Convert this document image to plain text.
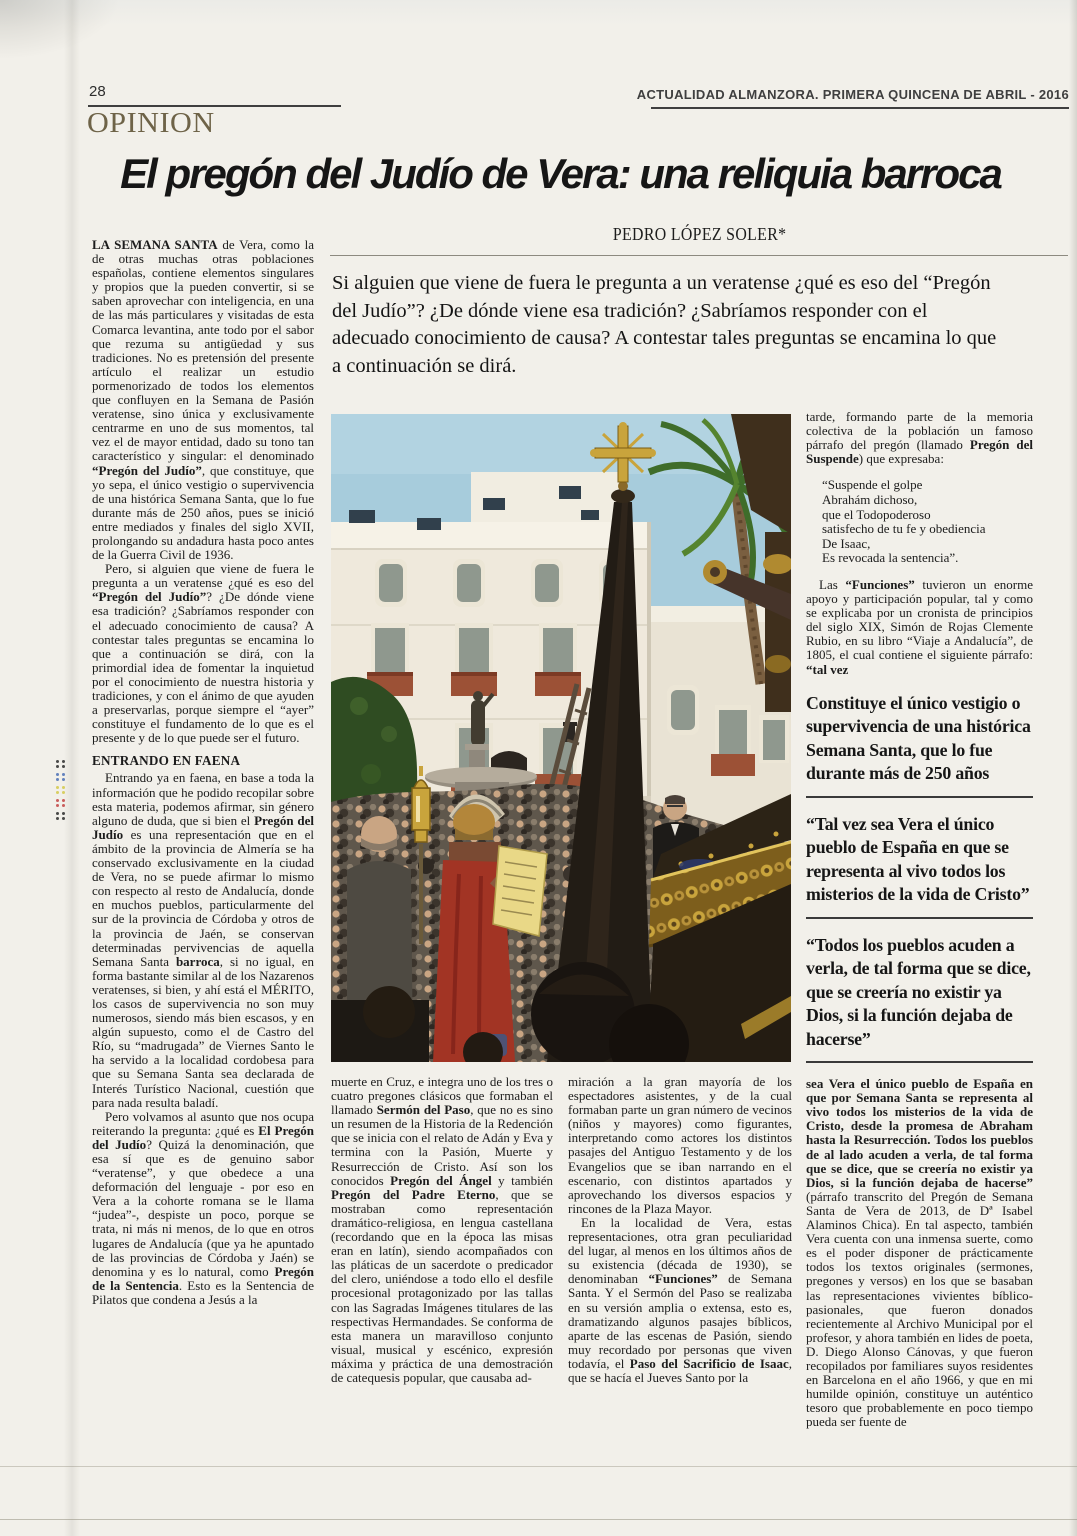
28	ACTUALIDAD ALMANZORA. PRIMERA QUINCENA DE ABRIL - 2016
OPINION
El pregón del Judío de Vera: una reliquia barroca
PEDRO LÓPEZ SOLER*

Si alguien que viene de fuera le pregunta a un veratense ¿qué es eso del “Pregón del Judío”? ¿De dónde viene esa tradición? ¿Sabríamos responder con el adecuado conocimiento de causa? A contestar tales preguntas se encamina lo que a continuación se dirá.

LA SEMANA SANTA de Vera, como la de otras muchas otras poblaciones españolas, contiene elementos singulares y propios que la pueden convertir, si se saben aprovechar con inteligencia, en una de las más particulares y visitadas de esta Comarca levantina, ante todo por el sabor que rezuma su antigüedad y sus tradiciones. No es pretensión del presente artículo el realizar un estudio pormenorizado de todos los elementos que confluyen en la Semana de Pasión veratense, sino única y exclusivamente centrarme en uno de sus momentos, tal vez el de mayor entidad, dado su tono tan característico y singular: el denominado “Pregón del Judío”, que constituye, que yo sepa, el único vestigio o supervivencia de una histórica Semana Santa, que lo fue durante más de 250 años, pues se inició entre mediados y finales del siglo XVII, prolongando su andadura hasta poco antes de la Guerra Civil de 1936.

Pero, si alguien que viene de fuera le pregunta a un veratense ¿qué es eso del “Pregón del Judío”? ¿De dónde viene esa tradición? ¿Sabríamos responder con el adecuado conocimiento de causa? A contestar tales preguntas se encamina lo que a continuación se dirá, con la primordial idea de fomentar la inquietud por el conocimiento de nuestra historia y tradiciones, y con el ánimo de que ayuden a preservarlas, porque siempre el “ayer” constituye el fundamento de lo que es el presente y de lo que puede ser el futuro.

ENTRANDO EN FAENA

Entrando ya en faena, en base a toda la información que he podido recopilar sobre esta materia, podemos afirmar, sin género alguno de duda, que si bien el Pregón del Judío es una representación que en el ámbito de la provincia de Almería se ha conservado exclusivamente en la ciudad de Vera, no se puede afirmar lo mismo con respecto al resto de Andalucía, donde en muchos pueblos, particularmente del sur de la provincia de Córdoba y otros de la provincia de Jaén, se conservan determinadas pervivencias de aquella Semana Santa barroca, si no igual, en forma bastante similar al de los Nazarenos veratenses, si bien, y ahí está el MÉRITO, los casos de supervivencia no son muy numerosos, siendo más bien escasos, y en algún supuesto, como el de Castro del Río, su “madrugada” de Viernes Santo le ha servido a la localidad cordobesa para que su Semana Santa sea declarada de Interés Turístico Nacional, cuestión que para nada resulta baladí.

Pero volvamos al asunto que nos ocupa reiterando la pregunta: ¿qué es El Pregón del Judío? Quizá la denominación, que esa sí que es de genuino sabor “veratense”, y que obedece a una deformación del lenguaje - por eso en Vera a la cohorte romana se le llama “judea”-, despiste un poco, porque se trata, ni más ni menos, de lo que en otros lugares de Andalucía (que ya he apuntado de las provincias de Córdoba y Jaén) se denomina y es lo natural, como Pregón de la Sentencia. Esto es la Sentencia de Pilatos que condena a Jesús a la

muerte en Cruz, e integra uno de los tres o cuatro pregones clásicos que formaban el llamado Sermón del Paso, que no es sino un resumen de la Historia de la Redención que se inicia con el relato de Adán y Eva y termina con la Pasión, Muerte y Resurrección de Cristo. Así son los conocidos Pregón del Ángel y también Pregón del Padre Eterno, que se mostraban como representación dramático-religiosa, en lengua castellana (recordando que en la época las misas eran en latín), siendo acompañados con las pláticas de un sacerdote o predicador del clero, uniéndose a todo ello el desfile procesional protagonizado por las tallas con las Sagradas Imágenes titulares de las respectivas Hermandades. Se conforma de esta manera un maravilloso conjunto visual, musical y escénico, expresión máxima y práctica de una demostración de catequesis popular, que causaba ad-

miración a la gran mayoría de los espectadores asistentes, y de la cual formaban parte un gran número de vecinos (niños y mayores) como figurantes, interpretando como actores los distintos pasajes del Antiguo Testamento y de los Evangelios que se iban narrando en el escenario, con distintos apartados y aprovechando los diversos espacios y rincones de la Plaza Mayor.

En la localidad de Vera, estas representaciones, otra gran peculiaridad del lugar, al menos en los últimos años de su existencia (década de 1930), se denominaban “Funciones” de Semana Santa. Y el Sermón del Paso se realizaba en su versión amplia o extensa, esto es, dramatizando algunos pasajes bíblicos, aparte de las escenas de Pasión, siendo muy recordado por personas que viven todavía, el Paso del Sacrificio de Isaac, que se hacía el Jueves Santo por la

tarde, formando parte de la memoria colectiva de la población un famoso párrafo del pregón (llamado Pregón del Suspende) que expresaba:

“Suspende el golpe
Abrahám dichoso,
que el Todopoderoso
satisfecho de tu fe y obediencia
De Isaac,
Es revocada la sentencia”.

Las “Funciones” tuvieron un enorme apoyo y participación popular, tal y como se explicaba por un cronista de principios del siglo XIX, Simón de Rojas Clemente Rubio, en su libro “Viaje a Andalucía”, de 1805, el cual contiene el siguiente párrafo: “tal vez

Constituye el único vestigio o supervivencia de una histórica Semana Santa, que lo fue durante más de 250 años
“Tal vez sea Vera el único pueblo de España en que se representa al vivo todos los misterios de la vida de Cristo”
“Todos los pueblos acuden a verla, de tal forma que se dice, que se creería no existir ya Dios, si la función dejaba de hacerse”

sea Vera el único pueblo de España en que por Semana Santa se representa al vivo todos los misterios de la vida de Cristo, desde la promesa de Abraham hasta la Resurrección. Todos los pueblos de al lado acuden a verla, de tal forma que se dice, que se creería no existir ya Dios, si la función dejaba de hacerse” (párrafo transcrito del Pregón de Semana Santa de Vera de 2013, de Dª Isabel Alaminos Chica). En tal aspecto, también Vera cuenta con una inmensa suerte, como es el poder disponer de prácticamente todos los textos originales (sermones, pregones y versos) en los que se basaban las representaciones vivientes bíblico-pasionales, que fueron donados recientemente al Archivo Municipal por el profesor, y ahora también en lides de poeta, D. Diego Alonso Cánovas, y que fueron recopilados por familiares suyos residentes en Barcelona en el año 1966, y que en mi humilde opinión, constituye un auténtico tesoro que probablemente en poco tiempo pueda ser fuente de
